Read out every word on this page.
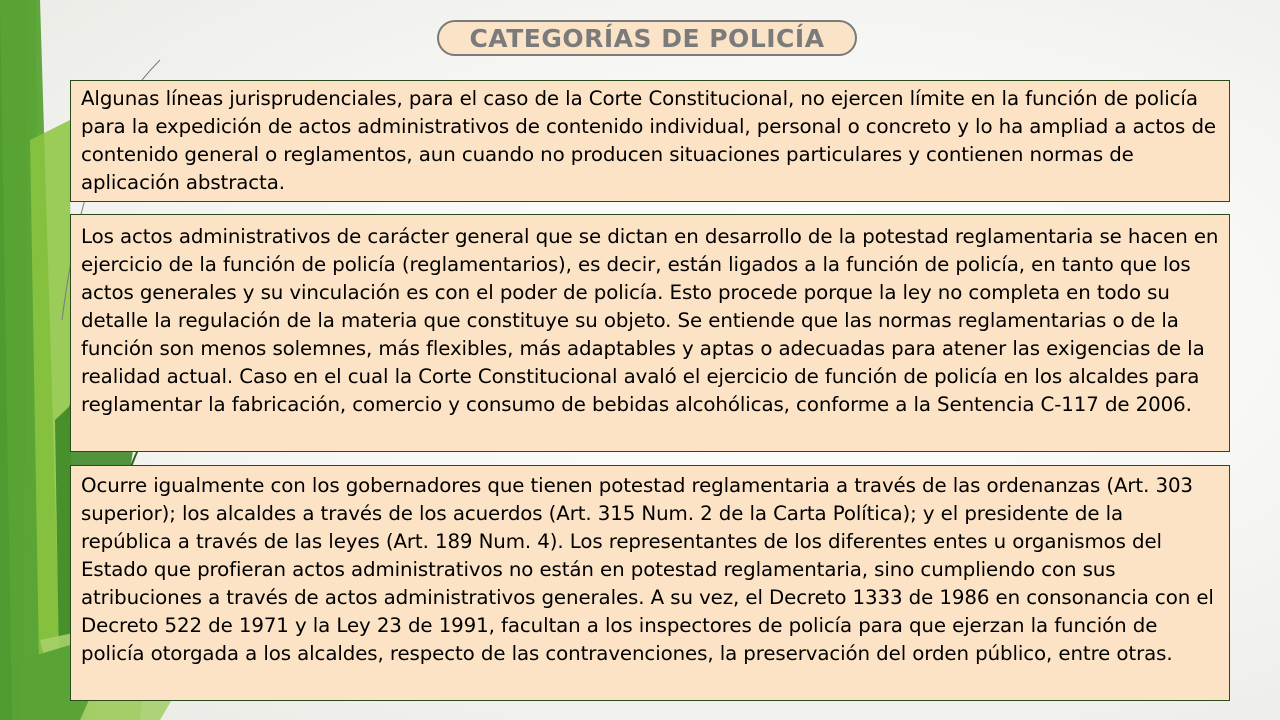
CATEGORÍAS DE POLICÍA

Algunas líneas jurisprudenciales, para el caso de la Corte Constitucional, no ejercen límite en la función de policía para la expedición de actos administrativos de contenido individual, personal o concreto y lo ha ampliad a actos de contenido general o reglamentos, aun cuando no producen situaciones particulares y contienen normas de aplicación abstracta.

Los actos administrativos de carácter general que se dictan en desarrollo de la potestad reglamentaria se hacen en ejercicio de la función de policía (reglamentarios), es decir, están ligados a la función de policía, en tanto que los actos generales y su vinculación es con el poder de policía. Esto procede porque la ley no completa en todo su detalle la regulación de la materia que constituye su objeto. Se entiende que las normas reglamentarias o de la función son menos solemnes, más flexibles, más adaptables y aptas o adecuadas para atener las exigencias de la realidad actual. Caso en el cual la Corte Constitucional avaló el ejercicio de función de policía en los alcaldes para reglamentar la fabricación, comercio y consumo de bebidas alcohólicas, conforme a la Sentencia C-117 de 2006.

Ocurre igualmente con los gobernadores que tienen potestad reglamentaria a través de las ordenanzas (Art. 303 superior); los alcaldes a través de los acuerdos (Art. 315 Num. 2 de la Carta Política); y el presidente de la república a través de las leyes (Art. 189 Num. 4). Los representantes de los diferentes entes u organismos del Estado que profieran actos administrativos no están en potestad reglamentaria, sino cumpliendo con sus atribuciones a través de actos administrativos generales. A su vez, el Decreto 1333 de 1986 en consonancia con el Decreto 522 de 1971 y la Ley 23 de 1991, facultan a los inspectores de policía para que ejerzan la función de policía otorgada a los alcaldes, respecto de las contravenciones, la preservación del orden público, entre otras.
